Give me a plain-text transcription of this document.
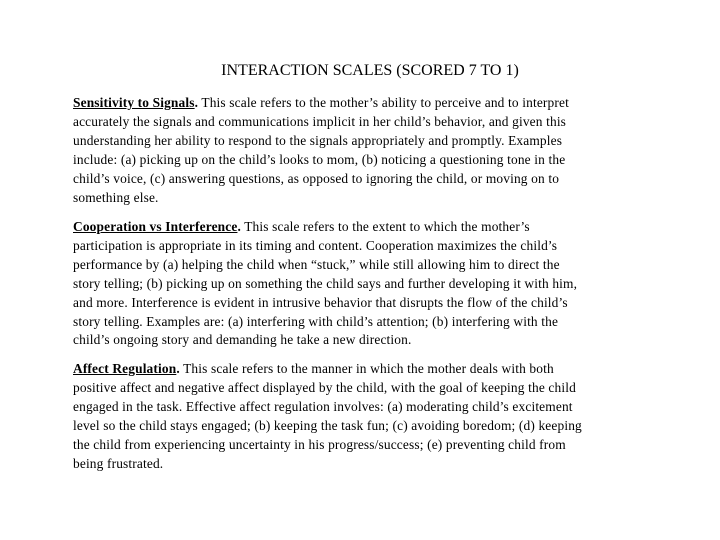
INTERACTION SCALES (SCORED 7 TO 1)
Sensitivity to Signals. This scale refers to the mother’s ability to perceive and to interpret
accurately the signals and communications implicit in her child’s behavior, and given this
understanding her ability to respond to the signals appropriately and promptly. Examples
include: (a) picking up on the child’s looks to mom, (b) noticing a questioning tone in the
child’s voice, (c) answering questions, as opposed to ignoring the child, or moving on to
something else.
Cooperation vs Interference. This scale refers to the extent to which the mother’s
participation is appropriate in its timing and content. Cooperation maximizes the child’s
performance by (a) helping the child when “stuck,” while still allowing him to direct the
story telling; (b) picking up on something the child says and further developing it with him,
and more. Interference is evident in intrusive behavior that disrupts the flow of the child’s
story telling. Examples are: (a) interfering with child’s attention; (b) interfering with the
child’s ongoing story and demanding he take a new direction.
Affect Regulation. This scale refers to the manner in which the mother deals with both
positive affect and negative affect displayed by the child, with the goal of keeping the child
engaged in the task. Effective affect regulation involves: (a) moderating child’s excitement
level so the child stays engaged; (b) keeping the task fun; (c) avoiding boredom; (d) keeping
the child from experiencing uncertainty in his progress/success; (e) preventing child from
being frustrated.
